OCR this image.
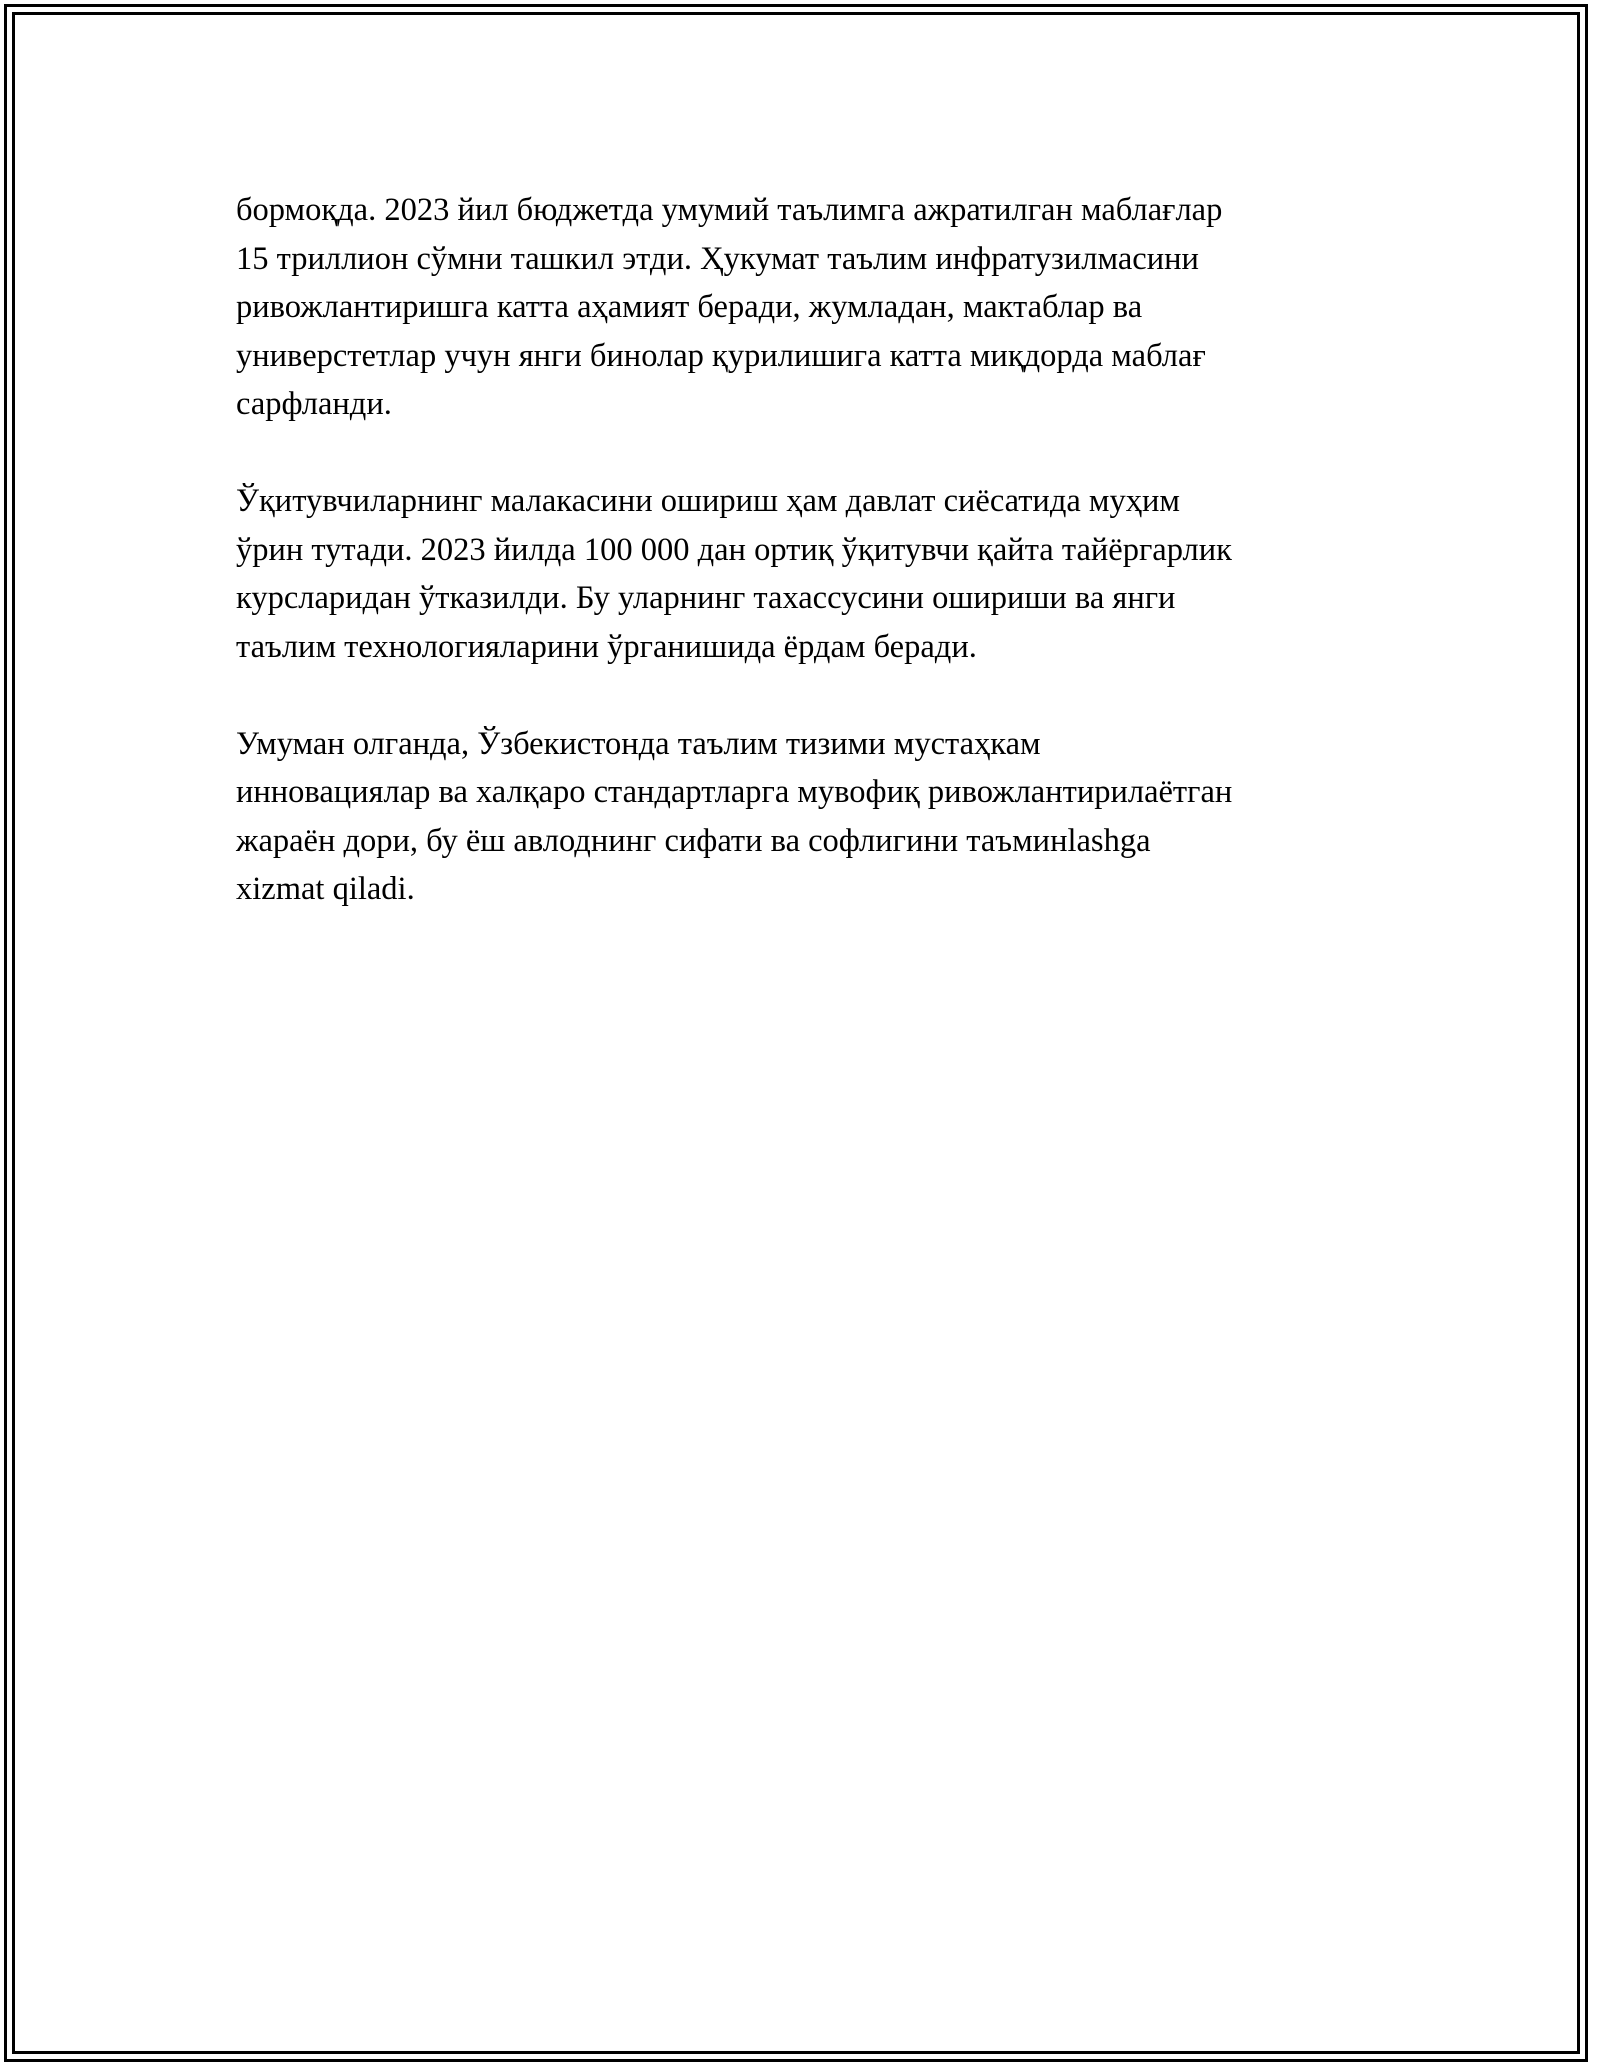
бормоқда. 2023 йил бюджетда умумий таълимга ажратилган маблағлар
15 триллион сўмни ташкил этди. Ҳукумат таълим инфратузилмасини
ривожлантиришга катта аҳамият беради, жумладан, мактаблар ва
универстетлар учун янги бинолар қурилишига катта миқдорда маблағ
сарфланди.
Ўқитувчиларнинг малакасини ошириш ҳам давлат сиёсатида муҳим
ўрин тутади. 2023 йилда 100 000 дан ортиқ ўқитувчи қайта тайёргарлик
курсларидан ўтказилди. Бу уларнинг тахассусини ошириши ва янги
таълим технологияларини ўрганишида ёрдам беради.
Умуман олганда, Ўзбекистонда таълим тизими мустаҳкам
инновациялар ва халқаро стандартларга мувофиқ ривожлантирилаётган
жараён дори, бу ёш авлоднинг сифати ва софлигини таъминlashga
xizmat qiladi.
